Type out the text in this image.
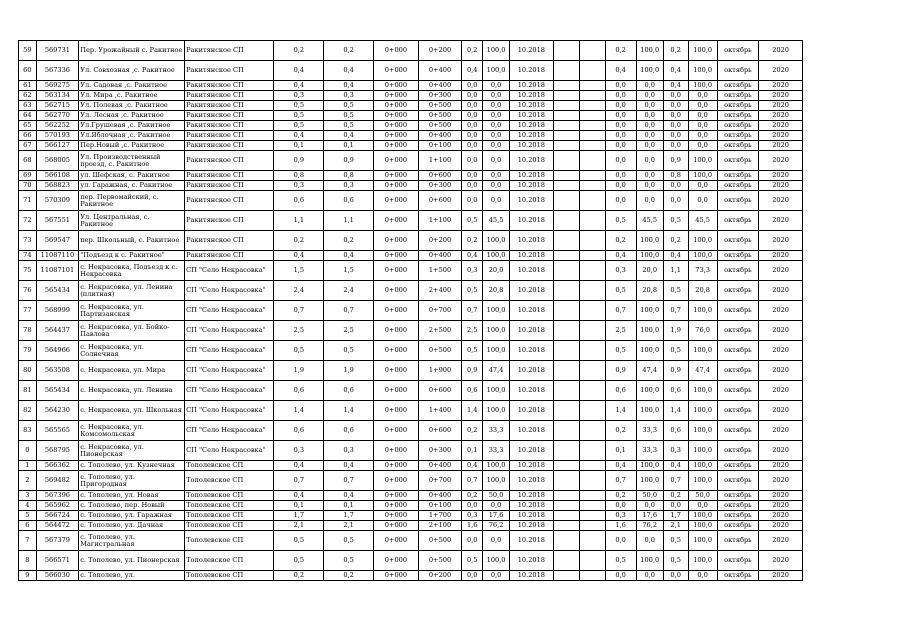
59	569731	Пер. Урожайный с. Ракитное	Ракитянское СП	0,2	0,2	0+000	0+200	0,2	100,0	10.2018			0,2	100,0	0,2	100,0	октябрь	2020
60	567336	Ул. Совхозная ,с. Ракитное	Ракитянское СП	0,4	0,4	0+000	0+400	0,4	100,0	10.2018			0,4	100,0	0,4	100,0	октябрь	2020
61	569275	Ул. Садовая ,с. Ракитное	Ракитянское СП	0,4	0,4	0+000	0+400	0,0	0,0	10.2018			0,0	0,0	0,4	100,0	октябрь	2020
62	563134	Ул. Мира ,с. Ракитное	Ракитянское СП	0,3	0,3	0+000	0+300	0,0	0,0	10.2018			0,0	0,0	0,0	0,0	октябрь	2020
63	562715	Ул. Полевая ,с. Ракитное	Ракитянское СП	0,5	0,5	0+000	0+500	0,0	0,0	10.2018			0,0	0,0	0,0	0,0	октябрь	2020
64	562770	Ул. Лесная ,с. Ракитное	Ракитянское СП	0,5	0,5	0+000	0+500	0,0	0,0	10.2018			0,0	0,0	0,0	0,0	октябрь	2020
65	562252	Ул.Грушевая ,с. Ракитное	Ракитянское СП	0,5	0,5	0+000	0+500	0,0	0,0	10.2018			0,0	0,0	0,0	0,0	октябрь	2020
66	570193	Ул.Яблочная ,с. Ракитное	Ракитянское СП	0,4	0,4	0+000	0+400	0,0	0,0	10.2018			0,0	0,0	0,0	0,0	октябрь	2020
67	566127	Пер.Новый ,с. Ракитное	Ракитянское СП	0,1	0,1	0+000	0+100	0,0	0,0	10.2018			0,0	0,0	0,0	0,0	октябрь	2020
68	568005	Ул. Производственный проезд, с. Ракитное	Ракитянское СП	0,9	0,9	0+000	1+100	0,0	0,0	10.2018			0,0	0,0	0,9	100,0	октябрь	2020
69	566108	ул. Шефская, с. Ракитное	Ракитянское СП	0,8	0,8	0+000	0+600	0,0	0,0	10.2018			0,0	0,0	0,8	100,0	октябрь	2020
70	568823	ул. Гаражная, с. Ракитное	Ракитянское СП	0,3	0,3	0+000	0+300	0,0	0,0	10.2018			0,0	0,0	0,0	0,0	октябрь	2020
71	570309	пер. Первомайский, с. Ракитное	Ракитянское СП	0,6	0,6	0+000	0+600	0,0	0,0	10.2018			0,0	0,0	0,0	0,0	октябрь	2020
72	567551	Ул. Центральная, с. Ракитное	Ракитянское СП	1,1	1,1	0+000	1+100	0,5	45,5	10.2018			0,5	45,5	0,5	45,5	октябрь	2020
73	569547	пер. Школьный, с. Ракитное	Ракитянское СП	0,2	0,2	0+000	0+200	0,2	100,0	10.2018			0,2	100,0	0,2	100,0	октябрь	2020
74	11087110	"Подъезд к с. Ракитное"	Ракитянское СП	0,4	0,4	0+000	0+400	0,4	100,0	10.2018			0,4	100,0	0,4	100,0	октябрь	2020
75	11087101	с. Некрасовка, Подъезд к с. Некрасовка	СП "Село Некрасовка"	1,5	1,5	0+000	1+500	0,3	20,0	10.2018			0,3	20,0	1,1	73,3	октябрь	2020
76	565434	с. Некрасовка, ул. Ленина (плитная)	СП "Село Некрасовка"	2,4	2,4	0+000	2+400	0,5	20,8	10.2018			0,5	20,8	0,5	20,8	октябрь	2020
77	568999	с. Некрасовка, ул. Партизанская	СП "Село Некрасовка"	0,7	0,7	0+000	0+700	0,7	100,0	10.2018			0,7	100,0	0,7	100,0	октябрь	2020
78	564437	с. Некрасовка, ул. Бойко-Павлова	СП "Село Некрасовка"	2,5	2,5	0+000	2+500	2,5	100,0	10.2018			2,5	100,0	1,9	76,0	октябрь	2020
79	564966	с. Некрасовка, ул. Солнечная	СП "Село Некрасовка"	0,5	0,5	0+000	0+500	0,5	100,0	10.2018			0,5	100,0	0,5	100,0	октябрь	2020
80	563508	с. Некрасовка, ул. Мира	СП "Село Некрасовка"	1,9	1,9	0+000	1+900	0,9	47,4	10.2018			0,9	47,4	0,9	47,4	октябрь	2020
81	565434	с. Некрасовка, ул. Ленина	СП "Село Некрасовка"	0,6	0,6	0+000	0+600	0,6	100,0	10.2018			0,6	100,0	0,6	100,0	октябрь	2020
82	564230	с. Некрасовка, ул. Школьная	СП "Село Некрасовка"	1,4	1,4	0+000	1+400	1,4	100,0	10.2018			1,4	100,0	1,4	100,0	октябрь	2020
83	565565	с. Некрасовка, ул. Комсомольская	СП "Село Некрасовка"	0,6	0,6	0+000	0+600	0,2	33,3	10.2018			0,2	33,3	0,6	100,0	октябрь	2020
0	568795	с. Некрасовка, ул. Пионерская	СП "Село Некрасовка"	0,3	0,3	0+000	0+300	0,1	33,3	10.2018			0,1	33,3	0,3	100,0	октябрь	2020
1	566362	с. Тополево, ул. Кузнечная	Тополевское СП	0,4	0,4	0+000	0+400	0,4	100,0	10.2018			0,4	100,0	0,4	100,0	октябрь	2020
2	569482	с. Тополево, ул. Пригородная	Тополевское СП	0,7	0,7	0+000	0+700	0,7	100,0	10.2018			0,7	100,0	0,7	100,0	октябрь	2020
3	567396	с. Тополево, ул. Новая	Тополевское СП	0,4	0,4	0+000	0+400	0,2	50,0	10.2018			0,2	50,0	0,2	50,0	октябрь	2020
4	565962	с. Тополево, пер. Новый	Тополевское СП	0,1	0,1	0+000	0+100	0,0	0,0	10.2018			0,0	0,0	0,0	0,0	октябрь	2020
5	566724	с. Тополево, ул. Гаражная	Тополевское СП	1,7	1,7	0+000	1+700	0,3	17,6	10.2018			0,3	17,6	1,7	100,0	октябрь	2020
6	564472	с. Тополево, ул. Дачная	Тополевское СП	2,1	2,1	0+000	2+100	1,6	76,2	10.2018			1,6	76,2	2,1	100,0	октябрь	2020
7	567379	с. Тополево, ул. Магистральная	Тополевское СП	0,5	0,5	0+000	0+500	0,0	0,0	10.2018			0,0	0,0	0,5	100,0	октябрь	2020
8	566571	с. Тополево, ул. Пионерская	Тополевское СП	0,5	0,5	0+000	0+500	0,5	100,0	10.2018			0,5	100,0	0,5	100,0	октябрь	2020
9	566030	с. Тополево, ул.	Тополевское СП	0,2	0,2	0+000	0+200	0,0	0,0	10.2018			0,0	0,0	0,0	0,0	октябрь	2020
